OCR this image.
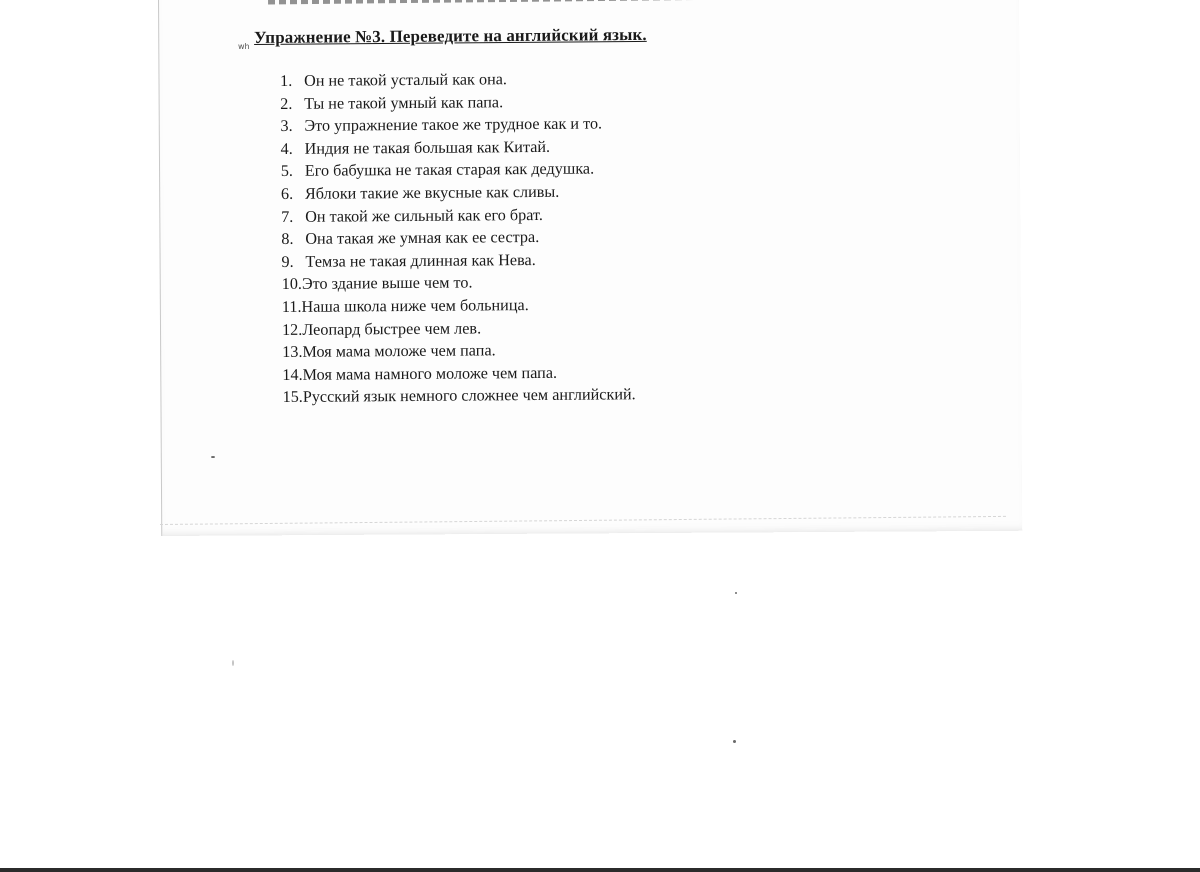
wh Упражнение №3. Переведите на английский язык.
1. Он не такой усталый как она.
2. Ты не такой умный как папа.
3. Это упражнение такое же трудное как и то.
4. Индия не такая большая как Китай.
5. Его бабушка не такая старая как дедушка.
6. Яблоки такие же вкусные как сливы.
7. Он такой же сильный как его брат.
8. Она такая же умная как ее сестра.
9. Темза не такая длинная как Нева.
10.Это здание выше чем то.
11.Наша школа ниже чем больница.
12.Леопард быстрее чем лев.
13.Моя мама моложе чем папа.
14.Моя мама намного моложе чем папа.
15.Русский язык немного сложнее чем английский.
